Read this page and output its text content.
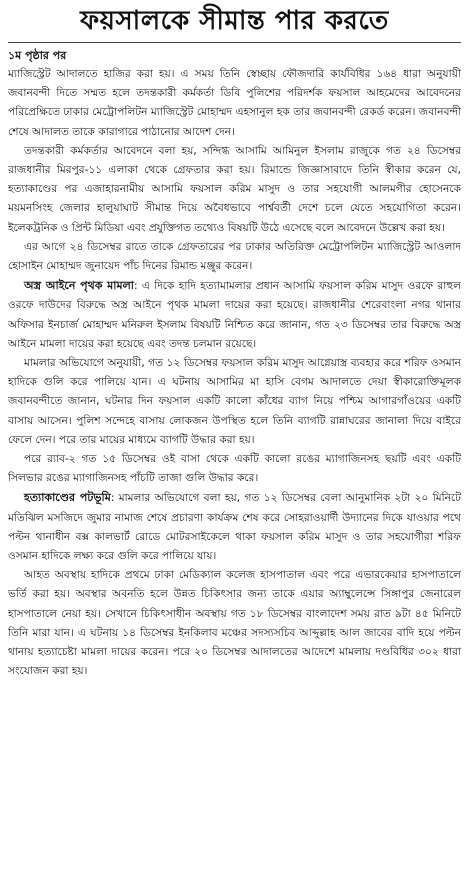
ফয়সালকে সীমান্ত পার করতে
১ম পৃষ্ঠার পর

ম্যাজিস্ট্রেট আদালতে হাজির করা হয়। এ সময় তিনি স্বেচ্ছায় ফৌজদারি কার্যবিধির ১৬৪ ধারা অনুযায়ী জবানবন্দী দিতে সম্মত হলে তদন্তকারী কর্মকর্তা ডিবি পুলিশের পরিদর্শক ফয়সাল আহমেদের আবেদনের পরিপ্রেক্ষিতে ঢাকার মেট্রোপলিটন ম্যাজিস্ট্রেট মোহাম্মদ এহসানুল হক তার জবানবন্দী রেকর্ড করেন। জবানবন্দী শেষে আদালত তাকে কারাগারে পাঠানোর আদেশ দেন।

তদন্তকারী কর্মকর্তার আবেদনে বলা হয়, সন্দিগ্ধ আসামি আমিনুল ইসলাম রাজুকে গত ২৪ ডিসেম্বর রাজধানীর মিরপুর-১১ এলাকা থেকে গ্রেফতার করা হয়। রিমান্ডে জিজ্ঞাসাবাদে তিনি স্বীকার করেন যে, হত্যাকাণ্ডের পর এজাহারনামীয় আসামি ফয়সাল করিম মাসুদ ও তার সহযোগী আলমগীর হোসেনকে ময়মনসিংহ জেলার হালুয়াঘাট সীমান্ত দিয়ে অবৈধভাবে পার্শ্ববর্তী দেশে চলে যেতে সহযোগিতা করেন। ইলেকট্রনিক ও প্রিন্ট মিডিয়া এবং প্রযুক্তিগত তথ্যেও বিষয়টি উঠে এসেছে বলে আবেদনে উল্লেখ করা হয়।

এর আগে ২৪ ডিসেম্বর রাতে তাকে গ্রেফতারের পর ঢাকার অতিরিক্ত মেট্রোপলিটন ম্যাজিস্ট্রেট আওলাদ হোসাইন মোহাম্মদ জুনায়েদ পাঁচ দিনের রিমান্ড মঞ্জুর করেন।

অস্ত্র আইনে পৃথক মামলা: এ দিকে হাদি হত্যামামলার প্রধান আসামি ফয়সাল করিম মাসুদ ওরফে রাহুল ওরফে দাউদের বিরুদ্ধে অস্ত্র আইনে পৃথক মামলা দায়ের করা হয়েছে। রাজধানীর শেরেবাংলা নগর থানার অফিসার ইনচার্জ মোহাম্মদ মনিরুল ইসলাম বিষয়টি নিশ্চিত করে জানান, গত ২৩ ডিসেম্বর তার বিরুদ্ধে অস্ত্র আইনে মামলা দায়ের করা হয়েছে এবং তদন্ত চলমান রয়েছে।

মামলার অভিযোগে অনুযায়ী, গত ১২ ডিসেম্বর ফয়সাল করিম মাসুদ আগ্নেয়াস্ত্র ব্যবহার করে শরিফ ওসমান হাদিকে গুলি করে পালিয়ে যান। এ ঘটনায় আসামির মা হাসি বেগম আদালতে দেয়া স্বীকারোক্তিমূলক জবানবন্দীতে জানান, ঘটনার দিন ফয়সাল একটি কালো কাঁধের ব্যাগ নিয়ে পশ্চিম আগারগাঁওয়ের একটি বাসায় আসেন। পুলিশ সন্দেহে বাসায় লোকজন উপস্থিত হলে তিনি ব্যাগটি রান্নাঘরের জানালা দিয়ে বাইরে ফেলে দেন। পরে তার মায়ের মাধ্যমে ব্যাগটি উদ্ধার করা হয়।

পরে র‌্যাব-২ গত ১৫ ডিসেম্বর ওই বাসা থেকে একটি কালো রঙের ম্যাগাজিনসহ ছয়টি এবং একটি সিলভার রঙের ম্যাগাজিনসহ পাঁচটি তাজা গুলি উদ্ধার করে।

হত্যাকাণ্ডের পটভূমি: মামলার অভিযোগে বলা হয়, গত ১২ ডিসেম্বর বেলা আনুমানিক ২টা ২০ মিনিটে মতিঝিল মসজিদে জুমার নামাজ শেষে প্রচারণা কার্যক্রম শেষ করে সোহরাওয়ার্দী উদ্যানের দিকে যাওয়ার পথে পল্টন থানাধীন বক্স কালভার্ট রোডে মোটরসাইকেলে থাকা ফয়সাল করিম মাসুদ ও তার সহযোগীরা শরিফ ওসমান হাদিকে লক্ষ্য করে গুলি করে পালিয়ে যায়।

আহত অবস্থায় হাদিকে প্রথমে ঢাকা মেডিক্যাল কলেজ হাসপাতাল এবং পরে এভারকেয়ার হাসপাতালে ভর্তি করা হয়। অবস্থার অবনতি হলে উন্নত চিকিৎসার জন্য তাকে এয়ার অ্যাম্বুলেন্সে সিঙ্গাপুর জেনারেল হাসপাতালে নেয়া হয়। সেখানে চিকিৎসাধীন অবস্থায় গত ১৮ ডিসেম্বর বাংলাদেশ সময় রাত ৯টা ৪৫ মিনিটে তিনি মারা যান। এ ঘটনায় ১৪ ডিসেম্বর ইনকিলাব মঞ্চের সদস্যসচিব আব্দুল্লাহ আল জাবের বাদি হয়ে পল্টন থানায় হত্যাচেষ্টা মামলা দায়ের করেন। পরে ২০ ডিসেম্বর আদালতের আদেশে মামলায় দণ্ডবিধির ৩০২ ধারা সংযোজন করা হয়।
